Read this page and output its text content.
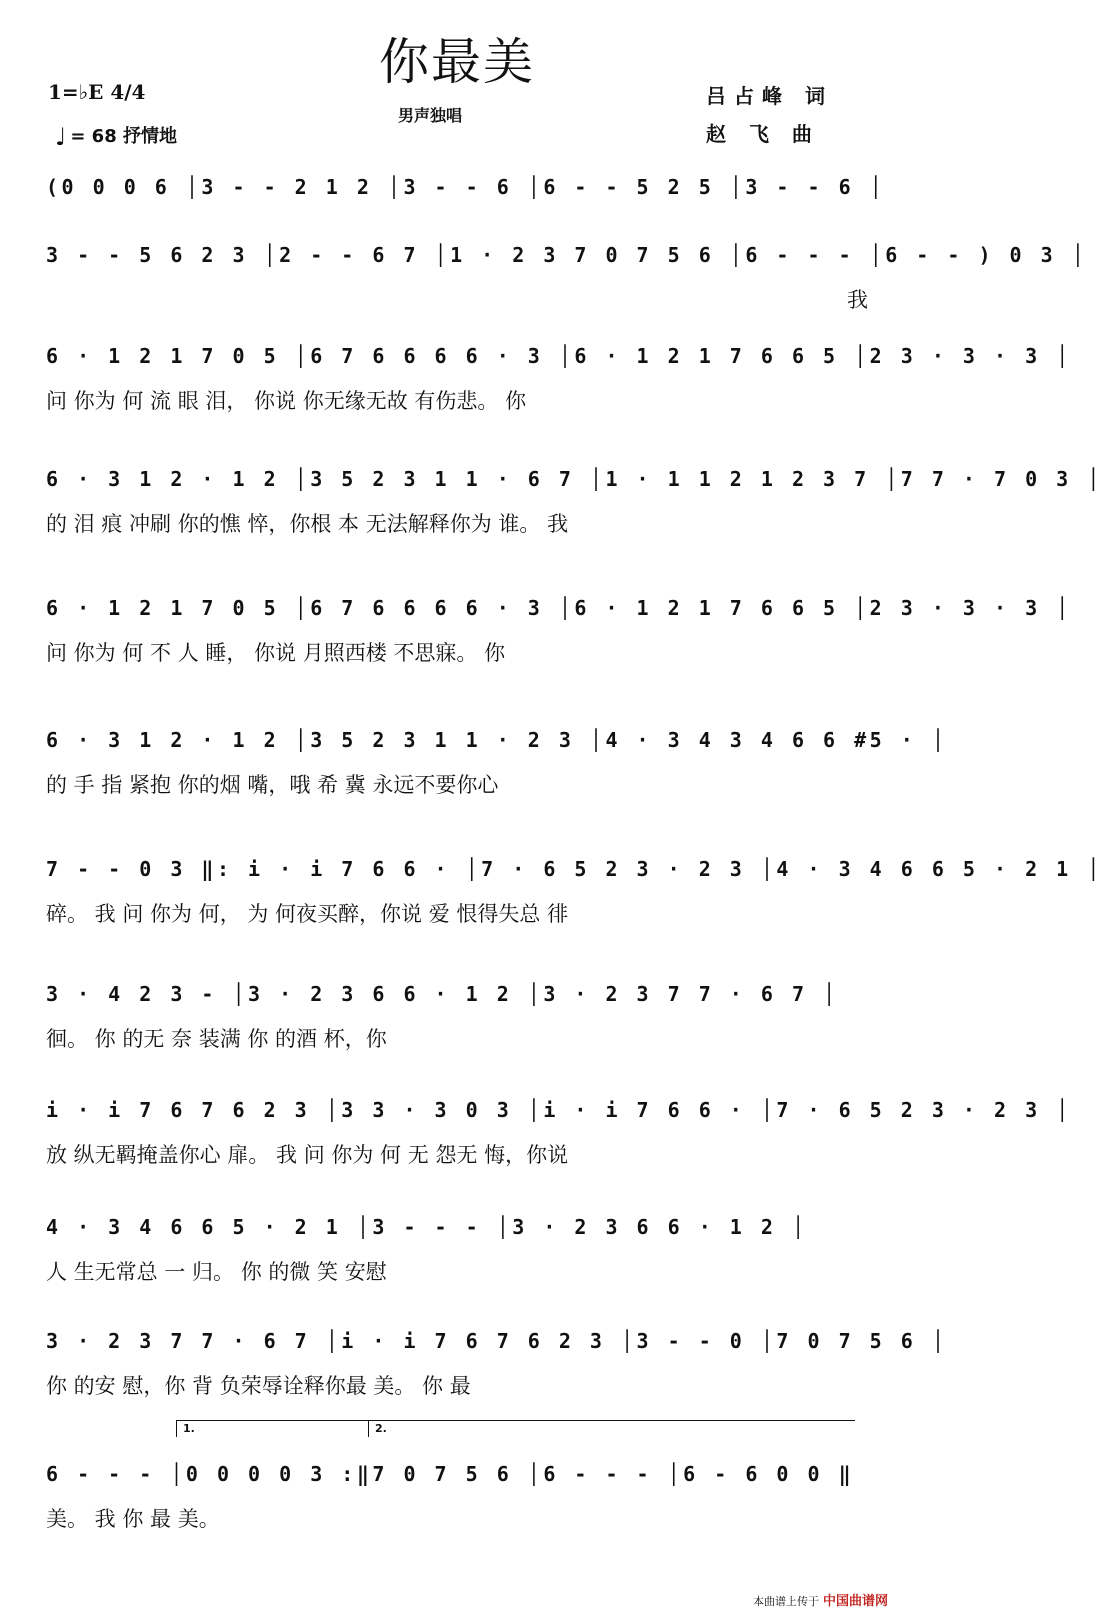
你最美
男声独唱
1=♭E 4/4
♩ = 68 抒情地
吕占峰 词
赵 飞 曲
(0 0 0 6 │3 - - 2 1 2 │3 - - 6 │6 - - 5 2 5 │3 - - 6 │
3 - - 5 6 2 3 │2 - - 6 7 │1 · 2 3 7 0 7 5 6 │6 - - - │6 - - ) 0 3 │
我
6 · 1 2 1 7 0 5 │6 7 6 6 6 6 · 3 │6 · 1 2 1 7 6 6 5 │2 3 · 3 · 3 │
问 你为 何 流 眼 泪， 你说 你无缘无故 有伤悲。 你
6 · 3 1 2 · 1 2 │3 5 2 3 1 1 · 6 7 │1 · 1 1 2 1 2 3 7 │7 7 · 7 0 3 │
的 泪 痕 冲刷 你的憔 悴，你根 本 无法解释你为 谁。 我
6 · 1 2 1 7 0 5 │6 7 6 6 6 6 · 3 │6 · 1 2 1 7 6 6 5 │2 3 · 3 · 3 │
问 你为 何 不 人 睡， 你说 月照西楼 不思寐。 你
6 · 3 1 2 · 1 2 │3 5 2 3 1 1 · 2 3 │4 · 3 4 3 4 6 6 #5 · │
的 手 指 紧抱 你的烟 嘴，哦 希 冀 永远不要你心
7 - - 0 3 ‖: i · i 7 6 6 · │7 · 6 5 2 3 · 2 3 │4 · 3 4 6 6 5 · 2 1 │
碎。 我 问 你为 何， 为 何夜买醉，你说 爱 恨得失总 徘
3 · 4 2 3 - │3 · 2 3 6 6 · 1 2 │3 · 2 3 7 7 · 6 7 │
徊。 你 的无 奈 装满 你 的酒 杯，你
i · i 7 6 7 6 2 3 │3 3 · 3 0 3 │i · i 7 6 6 · │7 · 6 5 2 3 · 2 3 │
放 纵无羁掩盖你心 扉。 我 问 你为 何 无 怨无 悔，你说
4 · 3 4 6 6 5 · 2 1 │3 - - - │3 · 2 3 6 6 · 1 2 │
人 生无常总 一 归。 你 的微 笑 安慰
3 · 2 3 7 7 · 6 7 │i · i 7 6 7 6 2 3 │3 - - 0 │7 0 7 5 6 │
你 的安 慰，你 背 负荣辱诠释你最 美。 你 最
1.	2.
6 - - - │0 0 0 0 3 :‖7 0 7 5 6 │6 - - - │6 - 6 0 0 ‖
美。 我 你 最 美。
本曲谱上传于 中国曲谱网
